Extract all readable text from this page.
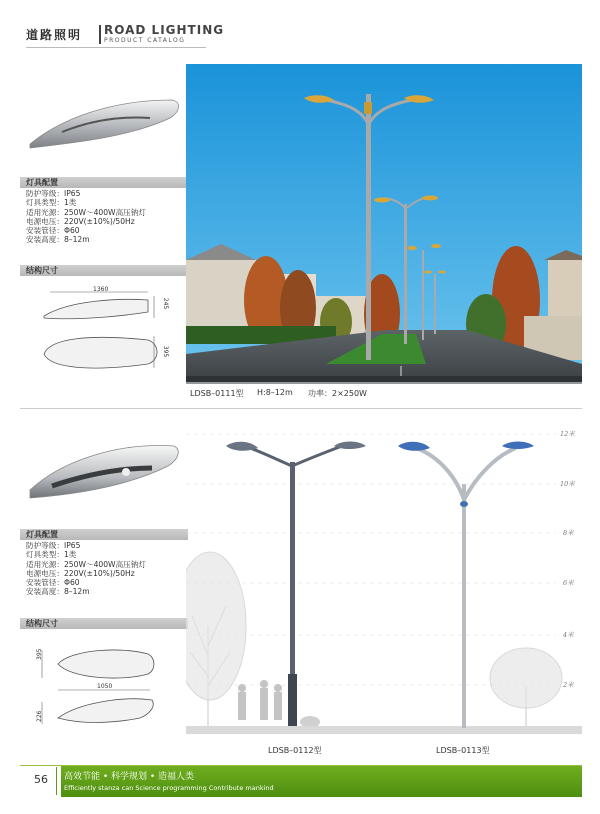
道路照明 ROAD LIGHTING
PRODUCT CATALOG
灯具配置
防护等级：IP65
灯具类型：1类
适用光源：250W～400W高压钠灯
电源电压：220V(±10%)/50Hz
安装管径：Φ60
安装高度：8–12m
结构尺寸
1360
245
395
LDSB–0111型 H:8–12m 功率：2×250W
灯具配置
防护等级：IP65
灯具类型：1类
适用光源：250W～400W高压钠灯
电源电压：220V(±10%)/50Hz
安装管径：Φ60
安装高度：8–12m
结构尺寸
395
1050
226
12米
10米
8米
6米
4米
2米
LDSB–0112型	LDSB–0113型
56 高效节能 • 科学规划 • 造福人类
Efficiently stanza can Science programming Contribute mankind
